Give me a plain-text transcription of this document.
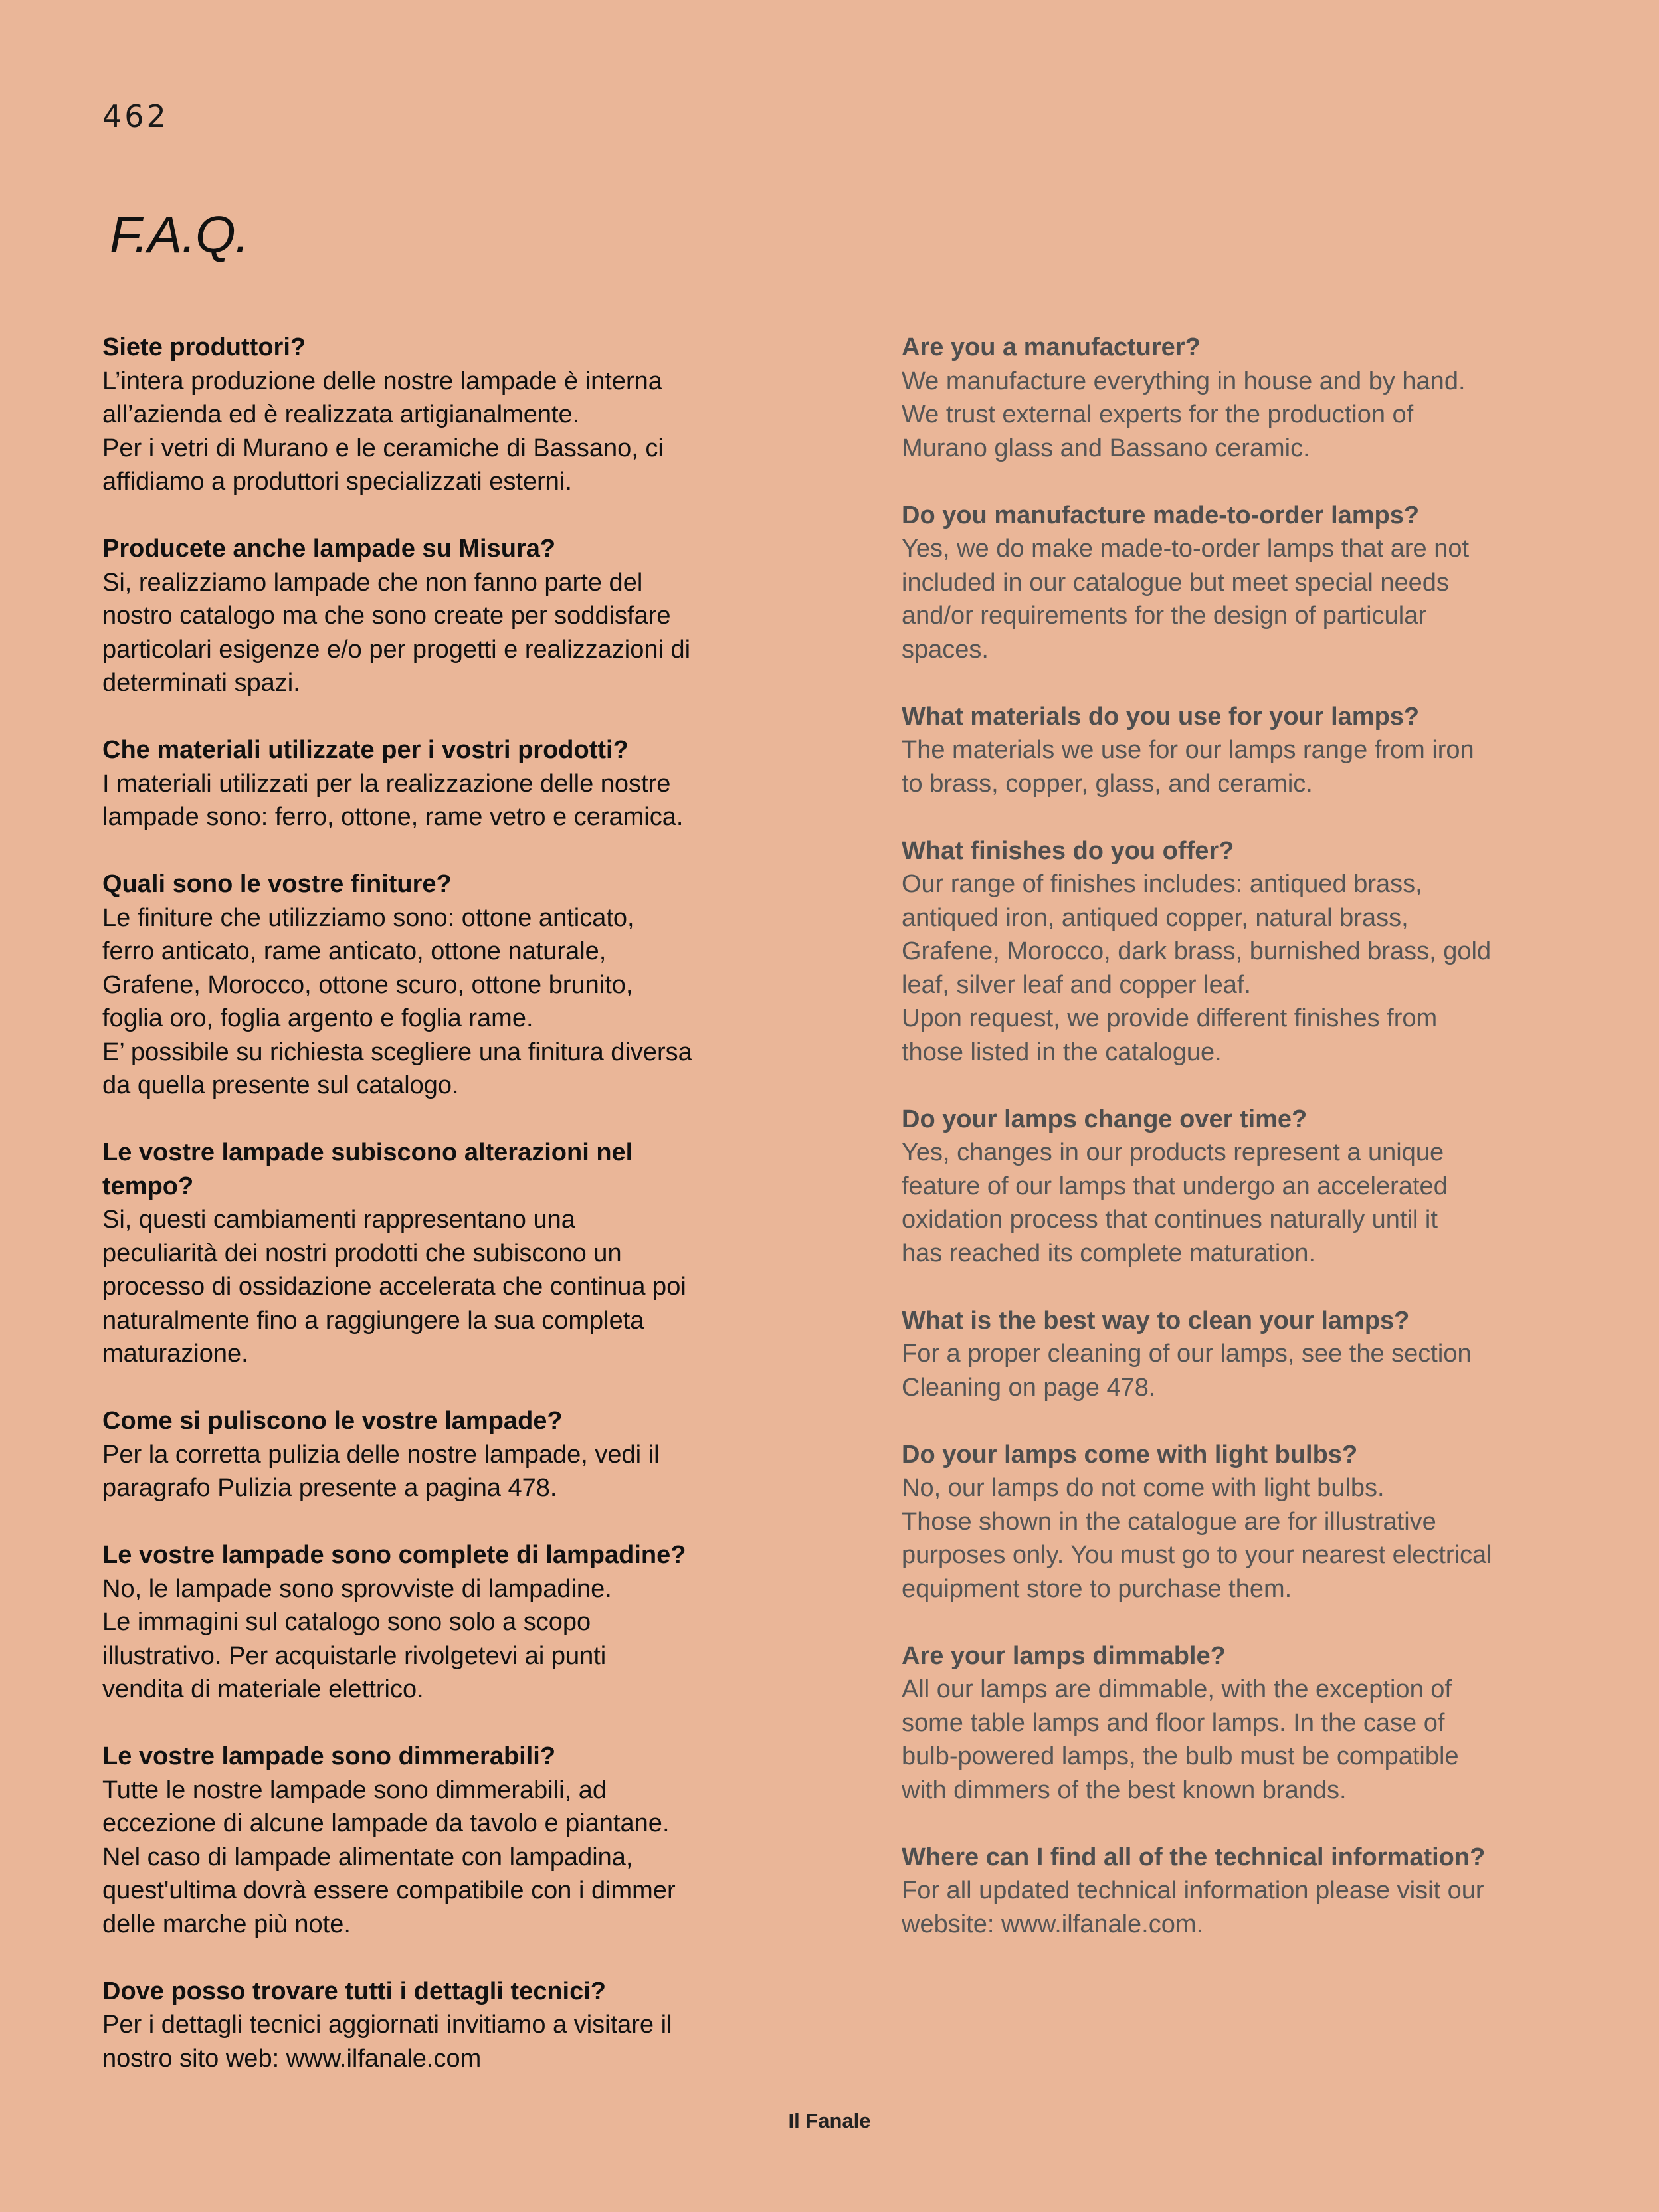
462
F.A.Q.

Siete produttori?

L’intera produzione delle nostre lampade è interna
all’azienda ed è realizzata artigianalmente.
Per i vetri di Murano e le ceramiche di Bassano, ci
affidiamo a produttori specializzati esterni.

Producete anche lampade su Misura?

Si, realizziamo lampade che non fanno parte del
nostro catalogo ma che sono create per soddisfare
particolari esigenze e/o per progetti e realizzazioni di
determinati spazi.

Che materiali utilizzate per i vostri prodotti?

I materiali utilizzati per la realizzazione delle nostre
lampade sono: ferro, ottone, rame vetro e ceramica.

Quali sono le vostre finiture?

Le finiture che utilizziamo sono: ottone anticato,
ferro anticato, rame anticato, ottone naturale,
Grafene, Morocco, ottone scuro, ottone brunito,
foglia oro, foglia argento e foglia rame.
E’ possibile su richiesta scegliere una finitura diversa
da quella presente sul catalogo.

Le vostre lampade subiscono alterazioni nel
tempo?

Si, questi cambiamenti rappresentano una
peculiarità dei nostri prodotti che subiscono un
processo di ossidazione accelerata che continua poi
naturalmente fino a raggiungere la sua completa
maturazione.

Come si puliscono le vostre lampade?

Per la corretta pulizia delle nostre lampade, vedi il
paragrafo Pulizia presente a pagina 478.

Le vostre lampade sono complete di lampadine?

No, le lampade sono sprovviste di lampadine.
Le immagini sul catalogo sono solo a scopo
illustrativo. Per acquistarle rivolgetevi ai punti
vendita di materiale elettrico.

Le vostre lampade sono dimmerabili?

Tutte le nostre lampade sono dimmerabili, ad
eccezione di alcune lampade da tavolo e piantane.
Nel caso di lampade alimentate con lampadina,
quest'ultima dovrà essere compatibile con i dimmer
delle marche più note.

Dove posso trovare tutti i dettagli tecnici?

Per i dettagli tecnici aggiornati invitiamo a visitare il
nostro sito web: www.ilfanale.com

Are you a manufacturer?

We manufacture everything in house and by hand.
We trust external experts for the production of
Murano glass and Bassano ceramic.

Do you manufacture made-to-order lamps?

Yes, we do make made-to-order lamps that are not
included in our catalogue but meet special needs
and/or requirements for the design of particular
spaces.

What materials do you use for your lamps?

The materials we use for our lamps range from iron
to brass, copper, glass, and ceramic.

What finishes do you offer?

Our range of finishes includes: antiqued brass,
antiqued iron, antiqued copper, natural brass,
Grafene, Morocco, dark brass, burnished brass, gold
leaf, silver leaf and copper leaf.
Upon request, we provide different finishes from
those listed in the catalogue.

Do your lamps change over time?

Yes, changes in our products represent a unique
feature of our lamps that undergo an accelerated
oxidation process that continues naturally until it
has reached its complete maturation.

What is the best way to clean your lamps?

For a proper cleaning of our lamps, see the section
Cleaning on page 478.

Do your lamps come with light bulbs?

No, our lamps do not come with light bulbs.
Those shown in the catalogue are for illustrative
purposes only. You must go to your nearest electrical
equipment store to purchase them.

Are your lamps dimmable?

All our lamps are dimmable, with the exception of
some table lamps and floor lamps. In the case of
bulb-powered lamps, the bulb must be compatible
with dimmers of the best known brands.

Where can I find all of the technical information?

For all updated technical information please visit our
website: www.ilfanale.com.

Il Fanale
